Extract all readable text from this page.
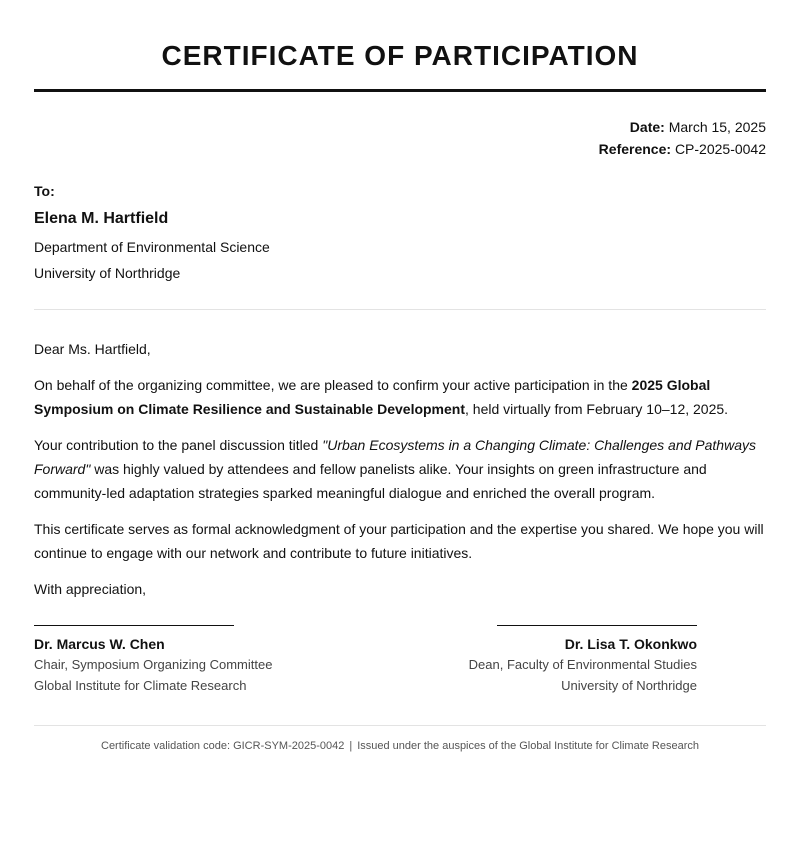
CERTIFICATE OF PARTICIPATION
Date: March 15, 2025
Reference: CP-2025-0042
To:
Elena M. Hartfield
Department of Environmental Science
University of Northridge

Dear Ms. Hartfield,

On behalf of the organizing committee, we are pleased to confirm your active participation in the 2025 Global Symposium on Climate Resilience and Sustainable Development, held virtually from February 10–12, 2025.

Your contribution to the panel discussion titled "Urban Ecosystems in a Changing Climate: Challenges and Pathways Forward" was highly valued by attendees and fellow panelists alike. Your insights on green infrastructure and community-led adaptation strategies sparked meaningful dialogue and enriched the overall program.

This certificate serves as formal acknowledgment of your participation and the expertise you shared. We hope you will continue to engage with our network and contribute to future initiatives.

With appreciation,

Dr. Marcus W. Chen
Chair, Symposium Organizing Committee
Global Institute for Climate Research
Dr. Lisa T. Okonkwo
Dean, Faculty of Environmental Studies
University of Northridge
Certificate validation code: GICR-SYM-2025-0042 | Issued under the auspices of the Global Institute for Climate Research
